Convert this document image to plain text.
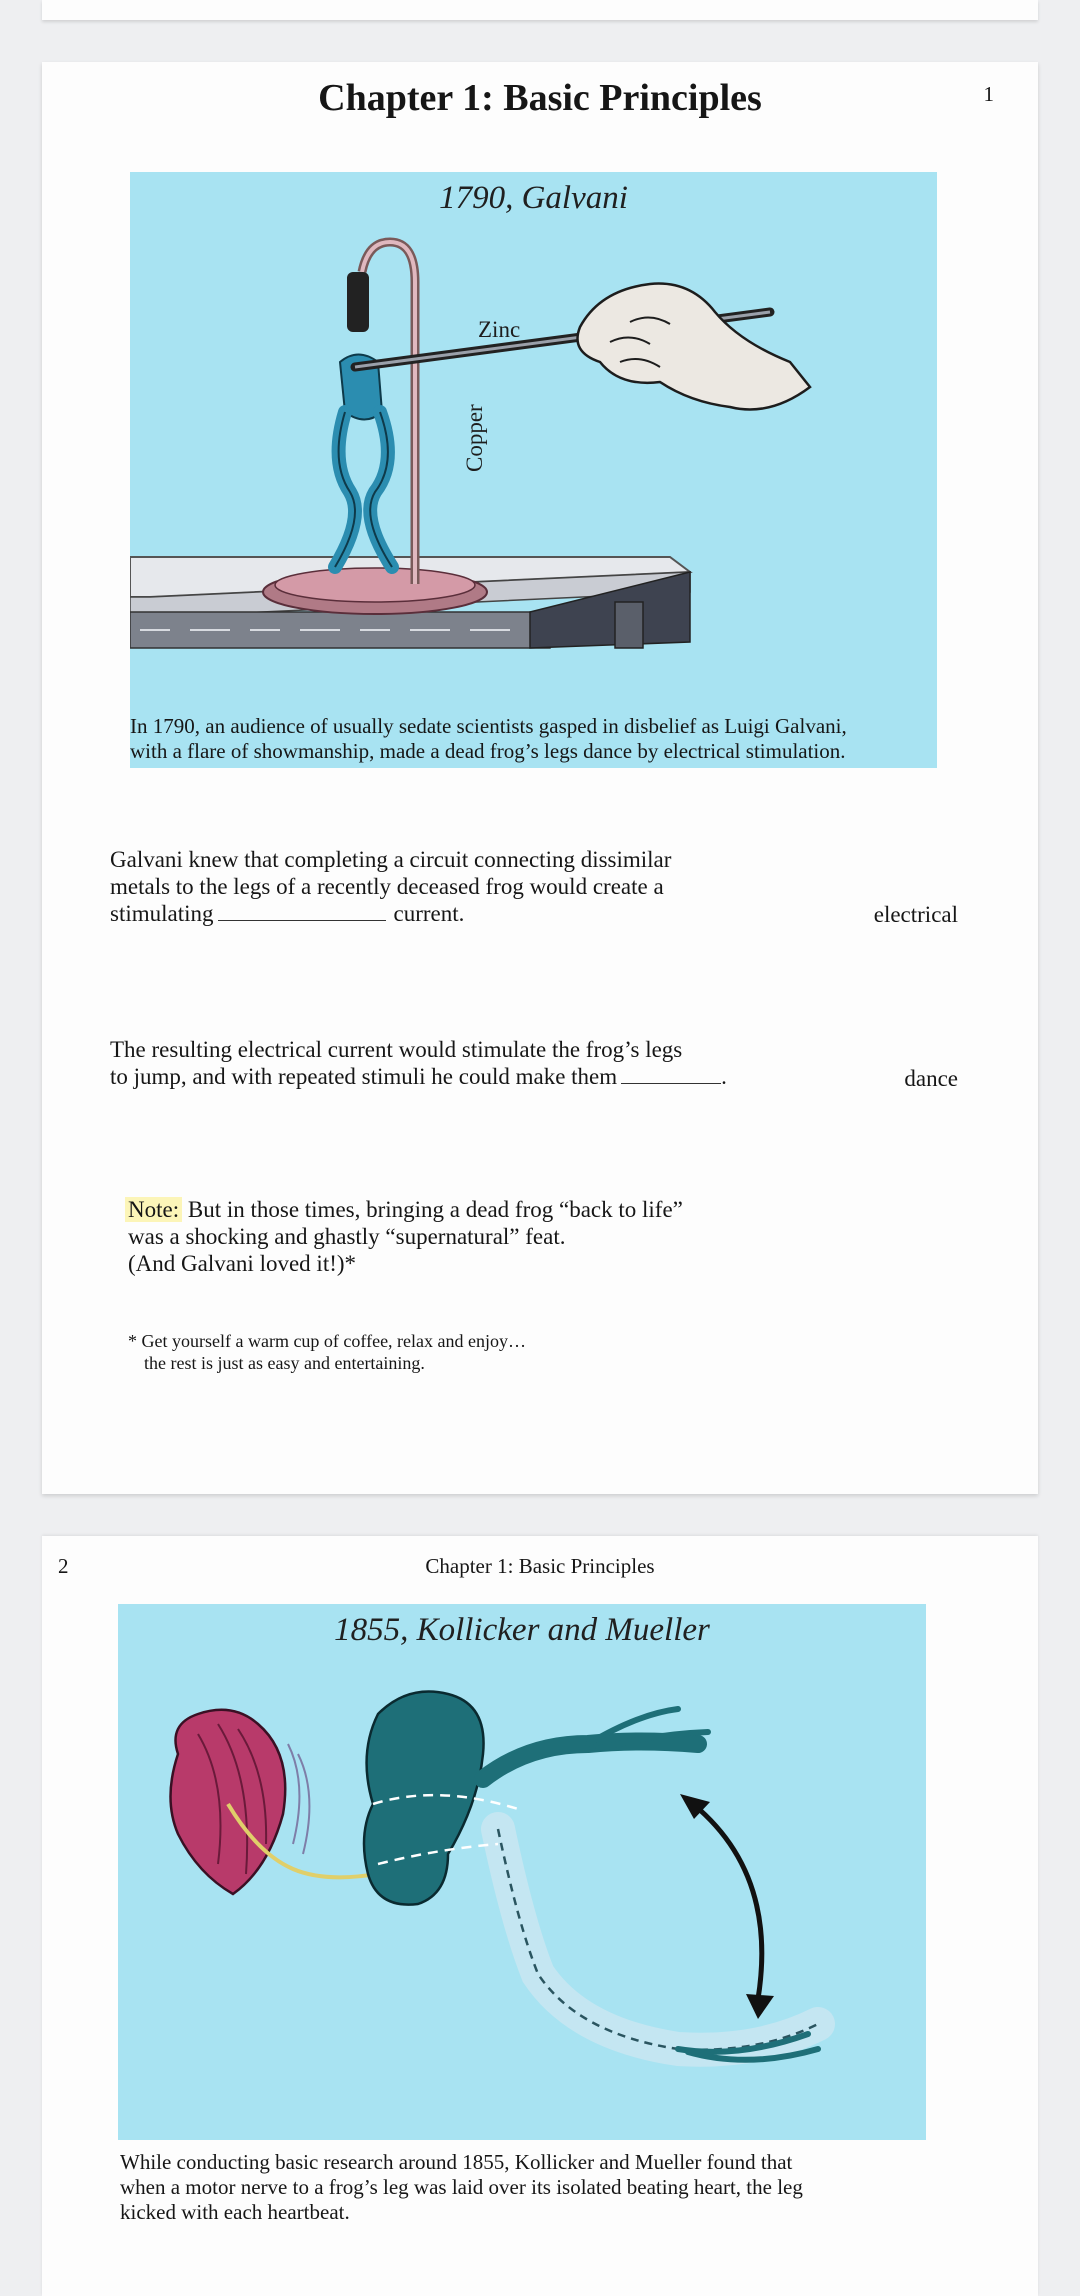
Chapter 1: Basic Principles	1
1790, Galvani
Zinc
Copper
In 1790, an audience of usually sedate scientists gasped in disbelief as Luigi Galvani,
with a flare of showmanship, made a dead frog’s legs dance by electrical stimulation.
Galvani knew that completing a circuit connecting dissimilar
metals to the legs of a recently deceased frog would create a
stimulating	current.	electrical
The resulting electrical current would stimulate the frog’s legs
to jump, and with repeated stimuli he could make them	.	dance
Note: But in those times, bringing a dead frog “back to life”
was a shocking and ghastly “supernatural” feat.
(And Galvani loved it!)*
* Get yourself a warm cup of coffee, relax and enjoy…
the rest is just as easy and entertaining.
2	Chapter 1: Basic Principles
1855, Kollicker and Mueller
While conducting basic research around 1855, Kollicker and Mueller found that
when a motor nerve to a frog’s leg was laid over its isolated beating heart, the leg
kicked with each heartbeat.
